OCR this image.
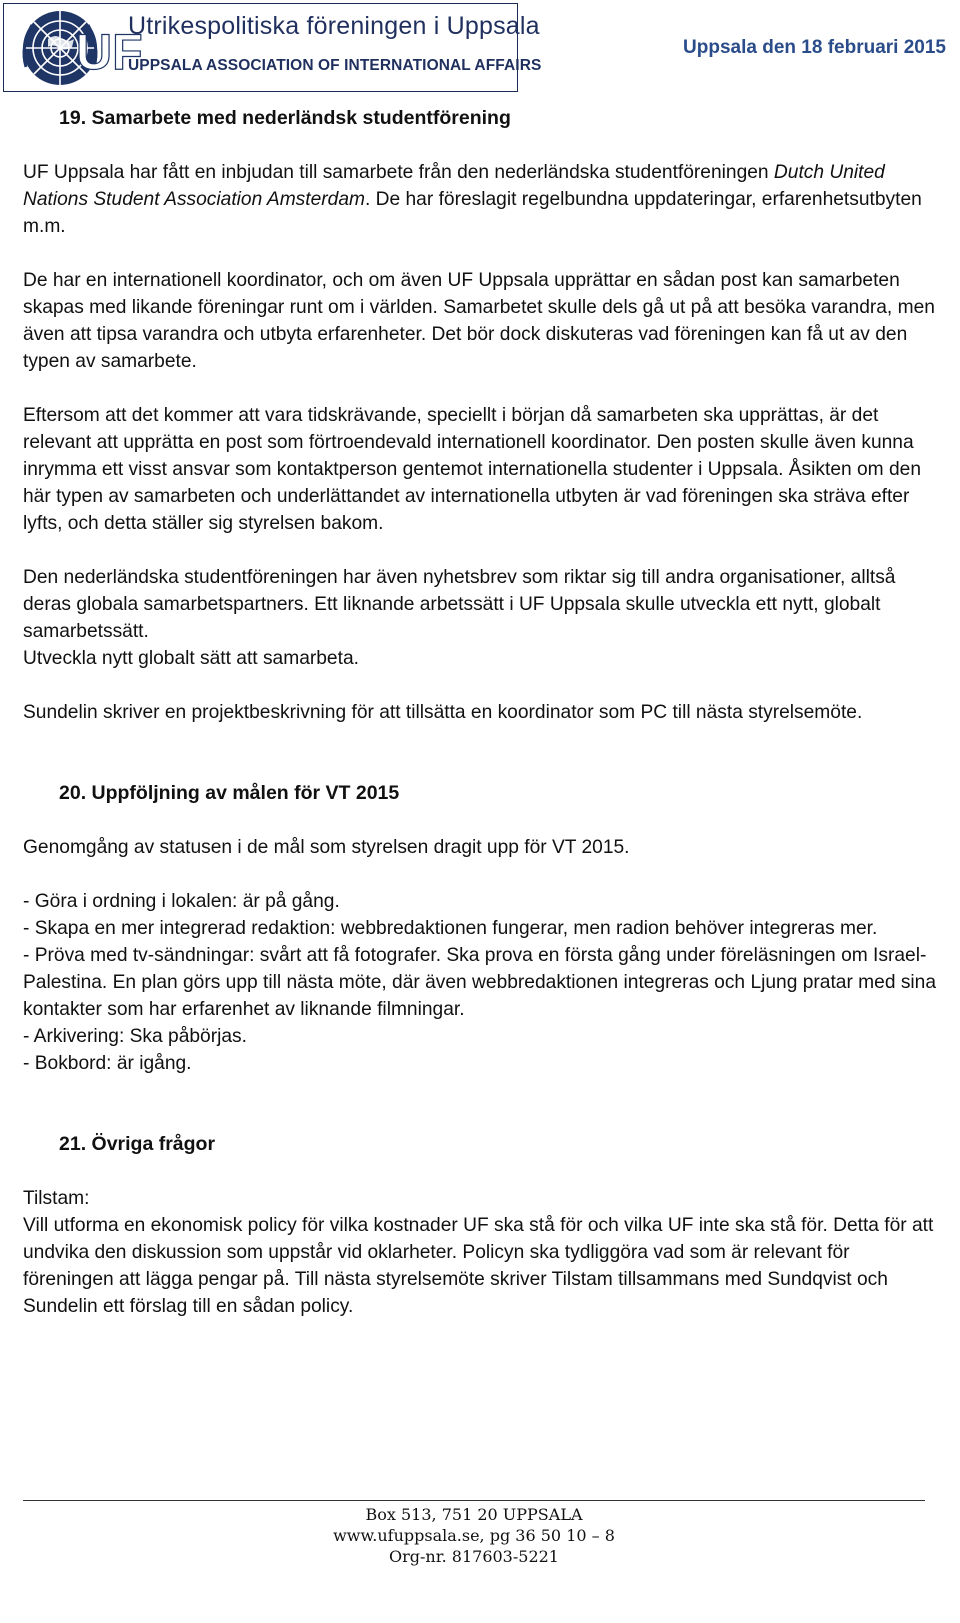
UF
Utrikespolitiska föreningen i Uppsala
UPPSALA ASSOCIATION OF INTERNATIONAL AFFAIRS
Uppsala den 18 februari 2015
19. Samarbete med nederländsk studentförening

UF Uppsala har fått en inbjudan till samarbete från den nederländska studentföreningen Dutch United Nations Student Association Amsterdam. De har föreslagit regelbundna uppdateringar, erfarenhetsutbyten m.m.

De har en internationell koordinator, och om även UF Uppsala upprättar en sådan post kan samarbeten skapas med likande föreningar runt om i världen. Samarbetet skulle dels gå ut på att besöka varandra, men även att tipsa varandra och utbyta erfarenheter. Det bör dock diskuteras vad föreningen kan få ut av den typen av samarbete.

Eftersom att det kommer att vara tidskrävande, speciellt i början då samarbeten ska upprättas, är det relevant att upprätta en post som förtroendevald internationell koordinator. Den posten skulle även kunna inrymma ett visst ansvar som kontaktperson gentemot internationella studenter i Uppsala. Åsikten om den här typen av samarbeten och underlättandet av internationella utbyten är vad föreningen ska sträva efter lyfts, och detta ställer sig styrelsen bakom.

Den nederländska studentföreningen har även nyhetsbrev som riktar sig till andra organisationer, alltså deras globala samarbetspartners. Ett liknande arbetssätt i UF Uppsala skulle utveckla ett nytt, globalt samarbetssätt.

Utveckla nytt globalt sätt att samarbeta.

Sundelin skriver en projektbeskrivning för att tillsätta en koordinator som PC till nästa styrelsemöte.

20. Uppföljning av målen för VT 2015

Genomgång av statusen i de mål som styrelsen dragit upp för VT 2015.

- Göra i ordning i lokalen: är på gång.

- Skapa en mer integrerad redaktion: webbredaktionen fungerar, men radion behöver integreras mer.

- Pröva med tv-sändningar: svårt att få fotografer. Ska prova en första gång under föreläsningen om Israel- Palestina. En plan görs upp till nästa möte, där även webbredaktionen integreras och Ljung pratar med sina kontakter som har erfarenhet av liknande filmningar.

- Arkivering: Ska påbörjas.

- Bokbord: är igång.

21. Övriga frågor

Tilstam:

Vill utforma en ekonomisk policy för vilka kostnader UF ska stå för och vilka UF inte ska stå för. Detta för att undvika den diskussion som uppstår vid oklarheter. Policyn ska tydliggöra vad som är relevant för föreningen att lägga pengar på. Till nästa styrelsemöte skriver Tilstam tillsammans med Sundqvist och Sundelin ett förslag till en sådan policy.

Box 513, 751 20 UPPSALA
www.ufuppsala.se, pg 36 50 10 – 8
Org-nr. 817603-5221
